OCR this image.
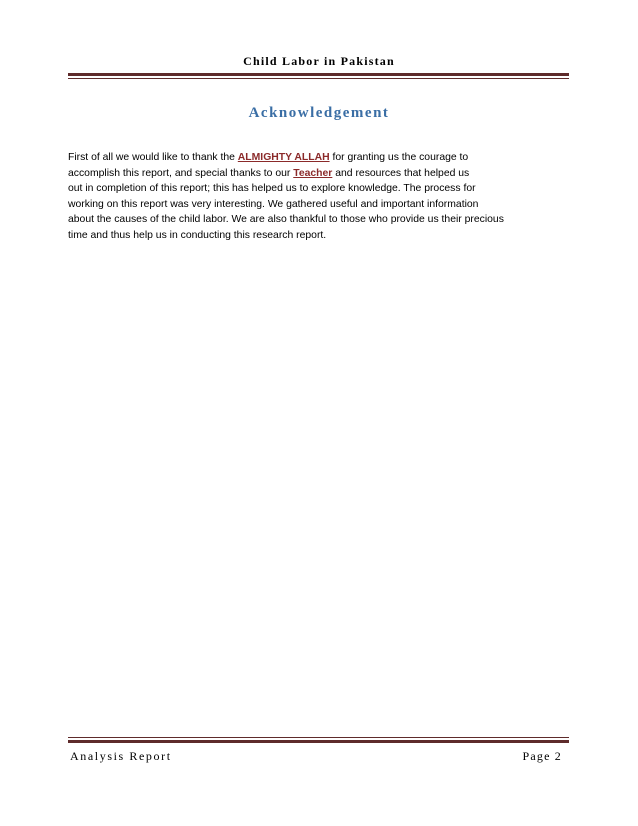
Child Labor in Pakistan
Acknowledgement
First of all we would like to thank the ALMIGHTY ALLAH for granting us the courage to
accomplish this report, and special thanks to our Teacher and resources that helped us
out in completion of this report; this has helped us to explore knowledge. The process for
working on this report was very interesting. We gathered useful and important information
about the causes of the child labor. We are also thankful to those who provide us their precious
time and thus help us in conducting this research report.
Analysis Report	Page 2
